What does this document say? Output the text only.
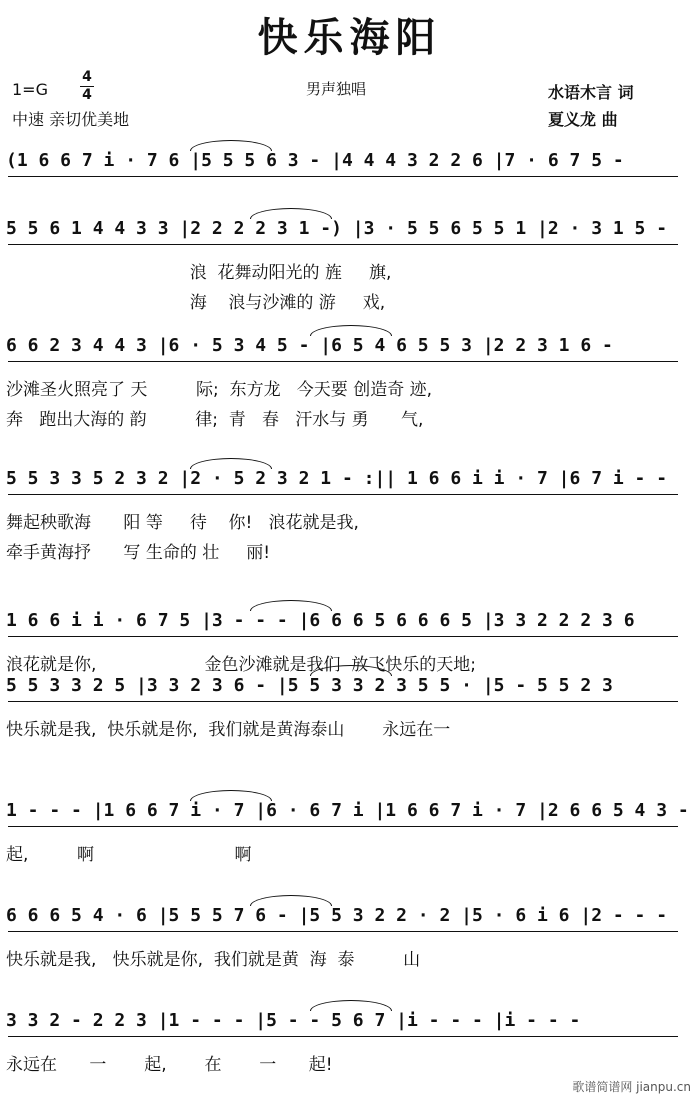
快乐海阳
1=G
4
4
中速 亲切优美地
男声独唱	水语木言 词
夏义龙 曲
(1 6 6 7 i · 7 6 |5 5 5 6 3 - |4 4 4 3 2 2 6 |7 · 6 7 5 -
5 5 6 1 4 4 3 3 |2 2 2 2 3 1 -) |3 · 5 5 6 5 5 1 |2 · 3 1 5 -
浪  花舞动阳光的 旌     旗,
海    浪与沙滩的 游     戏,
6 6 2 3 4 4 3 |6 · 5 3 4 5 - |6 5 4 6 5 5 3 |2 2 3 1 6 -
沙滩圣火照亮了 天         际;  东方龙   今天要 创造奇 迹,
奔   跑出大海的 韵         律;  青   春   汗水与 勇      气,
5 5 3 3 5 2 3 2 |2 · 5 2 3 2 1 - :|| 1 6 6 i i · 7 |6 7 i - -
舞起秧歌海      阳 等     待    你!   浪花就是我,
牵手黄海抒      写 生命的 壮     丽!
1 6 6 i i · 6 7 5 |3 - - - |6 6 6 5 6 6 6 5 |3 3 2 2 2 3 6
浪花就是你,                    金色沙滩就是我们  放飞快乐的天地;
5 5 3 3 2 5 |3 3 2 3 6 - |5 5 3 3 2 3 5 5 · |5 - 5 5 2 3
快乐就是我,  快乐就是你,  我们就是黄海泰山       永远在一
1 - - - |1 6 6 7 i · 7 |6 · 6 7 i |1 6 6 7 i · 7 |2 6 6 5 4 3 -
起,         啊                          啊
6 6 6 5 4 · 6 |5 5 5 7 6 - |5 5 3 2 2 · 2 |5 · 6 i 6 |2 - - -
快乐就是我,   快乐就是你,  我们就是黄  海  泰         山
3 3 2 - 2 2 3 |1 - - - |5 - - 5 6 7 |i - - - |i - - -
永远在      一       起,       在       一      起!
歌谱简谱网 jianpu.cn
